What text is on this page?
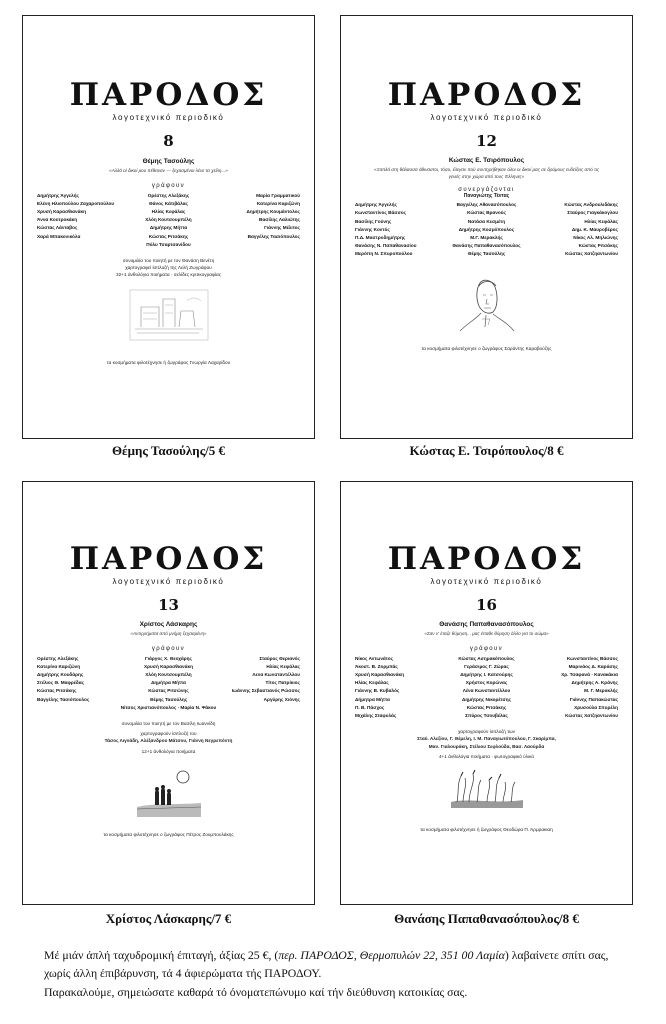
ΠΑΡΟΔΟΣ
λογοτεχνικό περιοδικό
8
Θέμης Τασούλης
«Αλλά οί δικοί μου πέθαναν — ξεχασμένοι λένε τα χείλη...»
γράφουν
Δημήτρης Άγγελής	Ορέστης Αλεξάκης	Μαρία Γραμματικού
Ελένη Ηλιοπούλου Ζαχαροπούλου	Θάνος Κάτιβάλας	Κατερίνα Καριζώνη
Χρυσή Καρασθιανάκη	Ηλίας Κεφάλας	Δημήτρης Κουμάντολος
Άννα Κουτροκάκη	Χλόη Κουτσουμπέλη	Βασίλης Λαλιώτης
Κώστας Λάνταβος	Δημήτρης Μήττα	Γιάννης Μέλιτος
Χαρά Μπακονικόλα	Κώστας Ριτσάκης	Βαγγέλης Τασιόπουλος
Πόλυ Τσαρτσανίδου
συνομιλία του ποιητή με τον Θανάση Βενέτη
χαρτογραφεί ίσιτλοζή της Λελή Ζωγράφου
32+1 άνθολόγια ποιήματα · σελίδες κριτικογραφίας
τα κοσμήματα φιλοτέχνησε ή ζωγράφος Γεωργία Λαχαρίδου
ΠΑΡΟΔΟΣ
λογοτεχνικό περιοδικό
12
Κώστας Ε. Τσιρόπουλος
«Ξαπλά στη θάλασσα άθιναστοι, τόσο, έλεγαν πού συντηρήθηκαν όλοι οι δικοί μας σε δρόμους ενδείξεις από τις γενιές στην χώρα από τους Έλληνες»
συνεργάζονται
Παναγιώτης Τέντας
Δημήτρης Άγγελής	Βαγγέλης Αθανασόπουλος	Κώστας Ανδρουλιδάκης
Κωνσταντίνος Βάσσος	Κώστας Βρανούς	Σταύρος Γιαγκάκογλου
Βασίλης Γούνης	Νατάσα Κεσμέτη	Ηλίας Κεφάλας
Γιάννης Κοντός	Δημήτρης Κοσμόπουλος	Δημ. Κ. Μαυροβέρος
Π.Δ. Μαστροδημήτρης	Μ.Γ. Μερακλής	Νίκος Αλ. Μηλιώνης
Θανάσης Ν. Παπαθανασίου	Θανάσης Παπαθανασόπουλος	Κώστας Ριτσάκης
Μερόπη Ν. Σπυροπούλου	Θέμης Τασούλης	Κώστας Χατζηαντωνίου
τα κοσμήματα φιλοτέχνησε ο ζωγράφος Σαράντης Καραβούζης
ΠΑΡΟΔΟΣ
λογοτεχνικό περιοδικό
13
Χρίστος Λάσκαρης
«Αντιρρήματα από μνήμη ξεχασμένη»
γράφουν
Ορέστης Αλεξάκης	Γιάργος Χ. Θεοχάρης	Σταύρος Θεριανός
Κατερίνα Καριζώνη	Χρυσή Καρασθιανάκη	Ηλίας Κεφάλας
Δημήτρης Κουδάρης	Χλόη Κουτσουμπέλη	Λενα Κωνσταντέλλου
Στέλιος Θ. Μαφρέδας	Δημήτρα Μήττα	Τίτος Πατρίκιος
Κώστας Ριτσάκης	Κώστας Ριτσώνης	Ιωάννης Σεβαστιανός Ρώσσος
Βαγγέλης Τασιόπουλος	Θέμης Τασούλης	Αργύρης Χιόνης
Νίτσος Χριστιανόπουλος · Μαρία Ν. Ψάκου
συνομιλία του ποιητή με τον Βασίλη Ιωαννίδη
χαρτογραφούν ίσιτλοζή του
Τάσος Λιγνάδη, Αλέξανδρου Μάτσου, Γιάννη Νεγρεπόντη
12+1 άνθολόγια ποιήματα
τα κοσμήματα φιλοτέχνησε ο ζωγράφος Πέτρος Ζουμπουλάκης
ΠΑΡΟΔΟΣ
λογοτεχνικό περιοδικό
16
Θανάσης Παπαθανασόπουλος
«Σαν ν' έταζε θύμηση... μας έπαθε θύμηση άλλο για το σώμα»
γράφουν
Νίκος Αντωνάτος	Κώστας Ασημακόπουλος	Κωνσταντίνος Βάσσος
Άκοστ. Β. Ζορμπάς	Γεράσιμος Γ. Ζώρας	Μαρινάος Δ. Καράσης
Χρυσή Καρασθιανάκη	Δημήτρης Ι. Κατσούρης	Χρ. Τσαφανά · Κανακάκια
Ηλίας Κεφάλας	Χρήστος Κορώνας	Δημήτρης Α. Κράνης
Γιάννης Β. Κυβαλός	Λένα Κωνσταντέλλου	Μ. Γ. Μερακλής
Δήμητρα Μήττα	Δημήτρης Νικορέτσης	Γιάννης Παπακώστας
Π. Β. Πάσχος	Κώστας Ριτσάκης	Χρυσούλα Σπυρέλη
Μιχάλης Σταφυλάς	Σπύρος Τσουβέλας	Κώστας Χατζηαντωνίου
χαρτογραφούν ίσιτλοζή των
Σταύ. Αλεξίου, Γ. Θέμελη, Ι. Μ. Παναγιωτόπουλου, Γ. Σκαρίμπα,
Μαν. Γιαλουράκη, Στέλιου Σεφλούδα, Βασ. Λαούρδα
4+1 άνθολόγια ποιήματα · φωτογραφικό ύλικό
τα κοσμήματα φιλοτέχνησε ή ζωγράφος Θεοδώρα Π. Άρμρακιαη
Θέμης Τασούλης/5 €	Κώστας Ε. Τσιρόπουλος/8 €
Χρίστος Λάσκαρης/7 €	Θανάσης Παπαθανασόπουλος/8 €
Μέ μιάν άπλή ταχυδρομική έπιταγή, άξίας 25 €, (περ. ΠΑΡΟΔΟΣ, Θερμοπυλών 22, 351 00 Λαμία) λαβαίνετε σπίτι σας,
χωρίς άλλη έπιβάρυνση, τά 4 άφιερώματα τής ΠΑΡΟΔΟΥ.
Παρακαλούμε, σημειώσατε καθαρά τό όνοματεπώνυμο καί τήν διεύθυνση κατοικίας σας.
